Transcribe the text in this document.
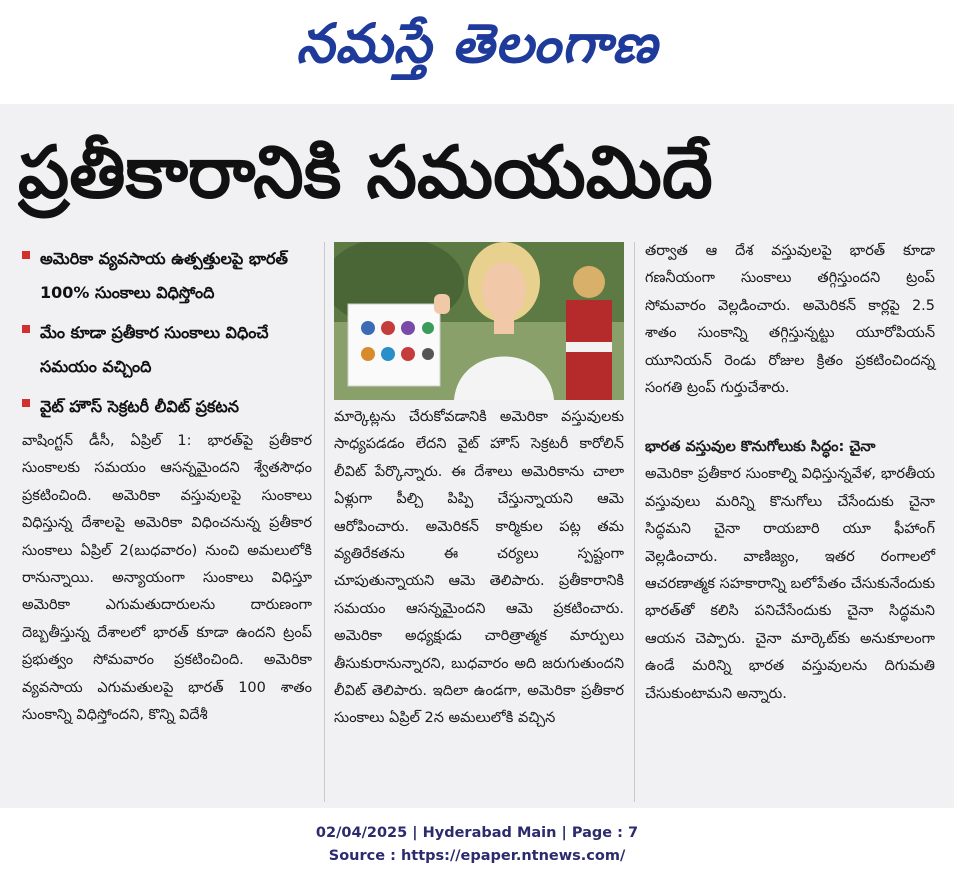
నమస్తే తెలంగాణ
ప్రతీకారానికి సమయమిదే
అమెరికా వ్యవసాయ ఉత్పత్తులపై భారత్ 100% సుంకాలు విధిస్తోంది
మేం కూడా ప్రతీకార సుంకాలు విధించే సమయం వచ్చింది
వైట్ హౌస్ సెక్రటరీ లీవిట్ ప్రకటన
వాషింగ్టన్ డీసీ, ఏప్రిల్ 1: భారత్‌పై ప్రతీకార సుంకాలకు సమయం ఆసన్నమైందని శ్వేతసౌధం ప్రకటించింది. అమెరికా వస్తువులపై సుంకాలు విధిస్తున్న దేశాలపై అమెరికా విధించనున్న ప్రతీకార సుంకాలు ఏప్రిల్ 2(బుధవారం) నుంచి అమలులోకి రానున్నాయి. అన్యాయంగా సుంకాలు విధిస్తూ అమెరికా ఎగుమతుదారులను దారుణంగా దెబ్బతీస్తున్న దేశాలలో భారత్ కూడా ఉందని ట్రంప్ ప్రభుత్వం సోమవారం ప్రకటించింది. అమెరికా వ్యవసాయ ఎగుమతులపై భారత్ 100 శాతం సుంకాన్ని విధిస్తోందని, కొన్ని విదేశీ
మార్కెట్లను చేరుకోవడానికి అమెరికా వస్తువులకు సాధ్యపడడం లేదని వైట్ హౌస్ సెక్రటరీ కారోలిన్ లీవిట్ పేర్కొన్నారు. ఈ దేశాలు అమెరికాను చాలా ఏళ్లుగా పీల్చి పిప్పి చేస్తున్నాయని ఆమె ఆరోపించారు. అమెరికన్ కార్మికుల పట్ల తమ వ్యతిరేకతను ఈ చర్యలు స్పష్టంగా చూపుతున్నాయని ఆమె తెలిపారు. ప్రతీకారానికి సమయం ఆసన్నమైందని ఆమె ప్రకటించారు. అమెరికా అధ్యక్షుడు చారిత్రాత్మక మార్పులు తీసుకురానున్నారని, బుధవారం అది జరుగుతుందని లీవిట్ తెలిపారు. ఇదిలా ఉండగా, అమెరికా ప్రతీకార సుంకాలు ఏప్రిల్ 2న అమలులోకి వచ్చిన
తర్వాత ఆ దేశ వస్తువులపై భారత్ కూడా గణనీయంగా సుంకాలు తగ్గిస్తుందని ట్రంప్ సోమవారం వెల్లడించారు. అమెరికన్ కార్లపై 2.5 శాతం సుంకాన్ని తగ్గిస్తున్నట్టు యూరోపియన్ యూనియన్ రెండు రోజుల క్రితం ప్రకటించిందన్న సంగతి ట్రంప్ గుర్తుచేశారు.
భారత వస్తువుల కొనుగోలుకు సిద్ధం: చైనా
అమెరికా ప్రతీకార సుంకాల్ని విధిస్తున్నవేళ, భారతీయ వస్తువులు మరిన్ని కొనుగోలు చేసేందుకు చైనా సిద్ధమని చైనా రాయబారి యూ ఫీహాంగ్ వెల్లడించారు. వాణిజ్యం, ఇతర రంగాలలో ఆచరణాత్మక సహకారాన్ని బలోపేతం చేసుకునేందుకు భారత్‌తో కలిసి పనిచేసేందుకు చైనా సిద్ధమని ఆయన చెప్పారు. చైనా మార్కెట్‌కు అనుకూలంగా ఉండే మరిన్ని భారత వస్తువులను దిగుమతి చేసుకుంటామని అన్నారు.
02/04/2025 | Hyderabad Main | Page : 7
Source : https://epaper.ntnews.com/
